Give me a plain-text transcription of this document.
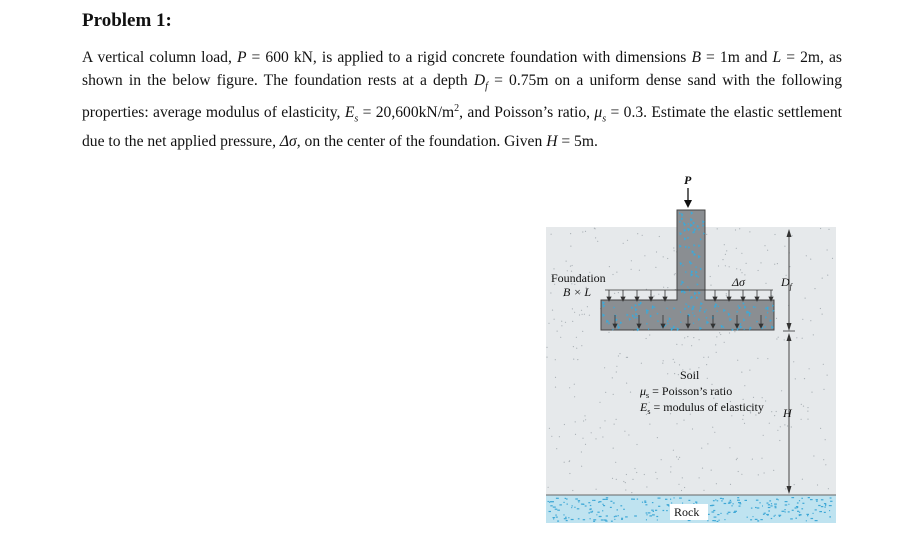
Problem 1:

A vertical column load, P = 600 kN, is applied to a rigid concrete foundation with dimensions B = 1m and L = 2m, as shown in the below figure. The foundation rests at a depth $D_f = 0.75m$ on a uniform dense sand with the following properties: average modulus of elasticity, $E_s = 20,600kN/m^2$, and Poisson’s ratio, $\mu_s = 0.3$. Estimate the elastic settlement due to the net applied pressure, Δσ, on the center of the foundation. Given H = 5m.

P
Foundation
B × L
Δσ	$D_f$
H
Soil
$\mu_s$ = Poisson’s ratio
$E_s$ = modulus of elasticity
Rock
